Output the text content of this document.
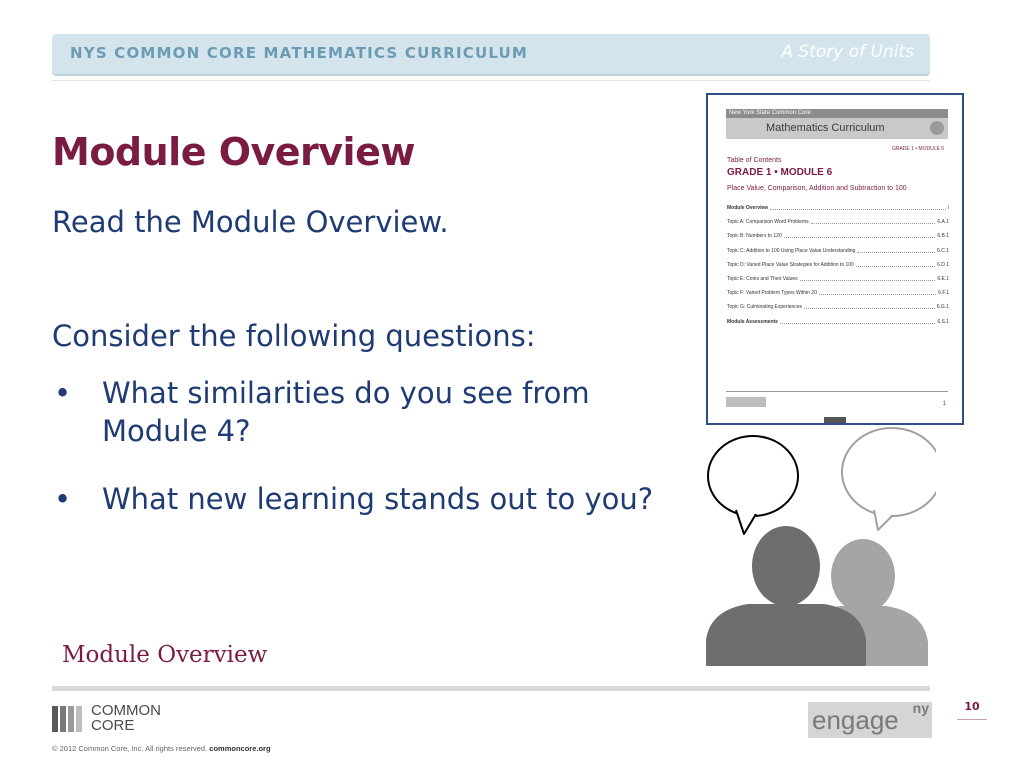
NYS COMMON CORE MATHEMATICS CURRICULUM	A Story of Units
Module Overview
Read the Module Overview.
Consider the following questions:
• What similarities do you see from Module 4?
• What new learning stands out to you?
Module Overview
New York State Common Core
Mathematics Curriculum
GRADE 1 • MODULE 6
Table of Contents
GRADE 1 • MODULE 6
Place Value, Comparison, Addition and Subtraction to 100
Module Overview	i
Topic A: Comparison Word Problems	6.A.1
Topic B: Numbers to 120	6.B.1
Topic C: Addition to 100 Using Place Value Understanding	6.C.1
Topic D: Varied Place Value Strategies for Addition to 100	6.D.1
Topic E: Coins and Their Values	6.E.1
Topic F: Varied Problem Types Within 20	6.F.1
Topic G: Culminating Experiences	6.G.1
Module Assessments	6.S.1
1
COMMON
CORE
© 2012 Common Core, Inc. All rights reserved. commoncore.org
engage ny	10
